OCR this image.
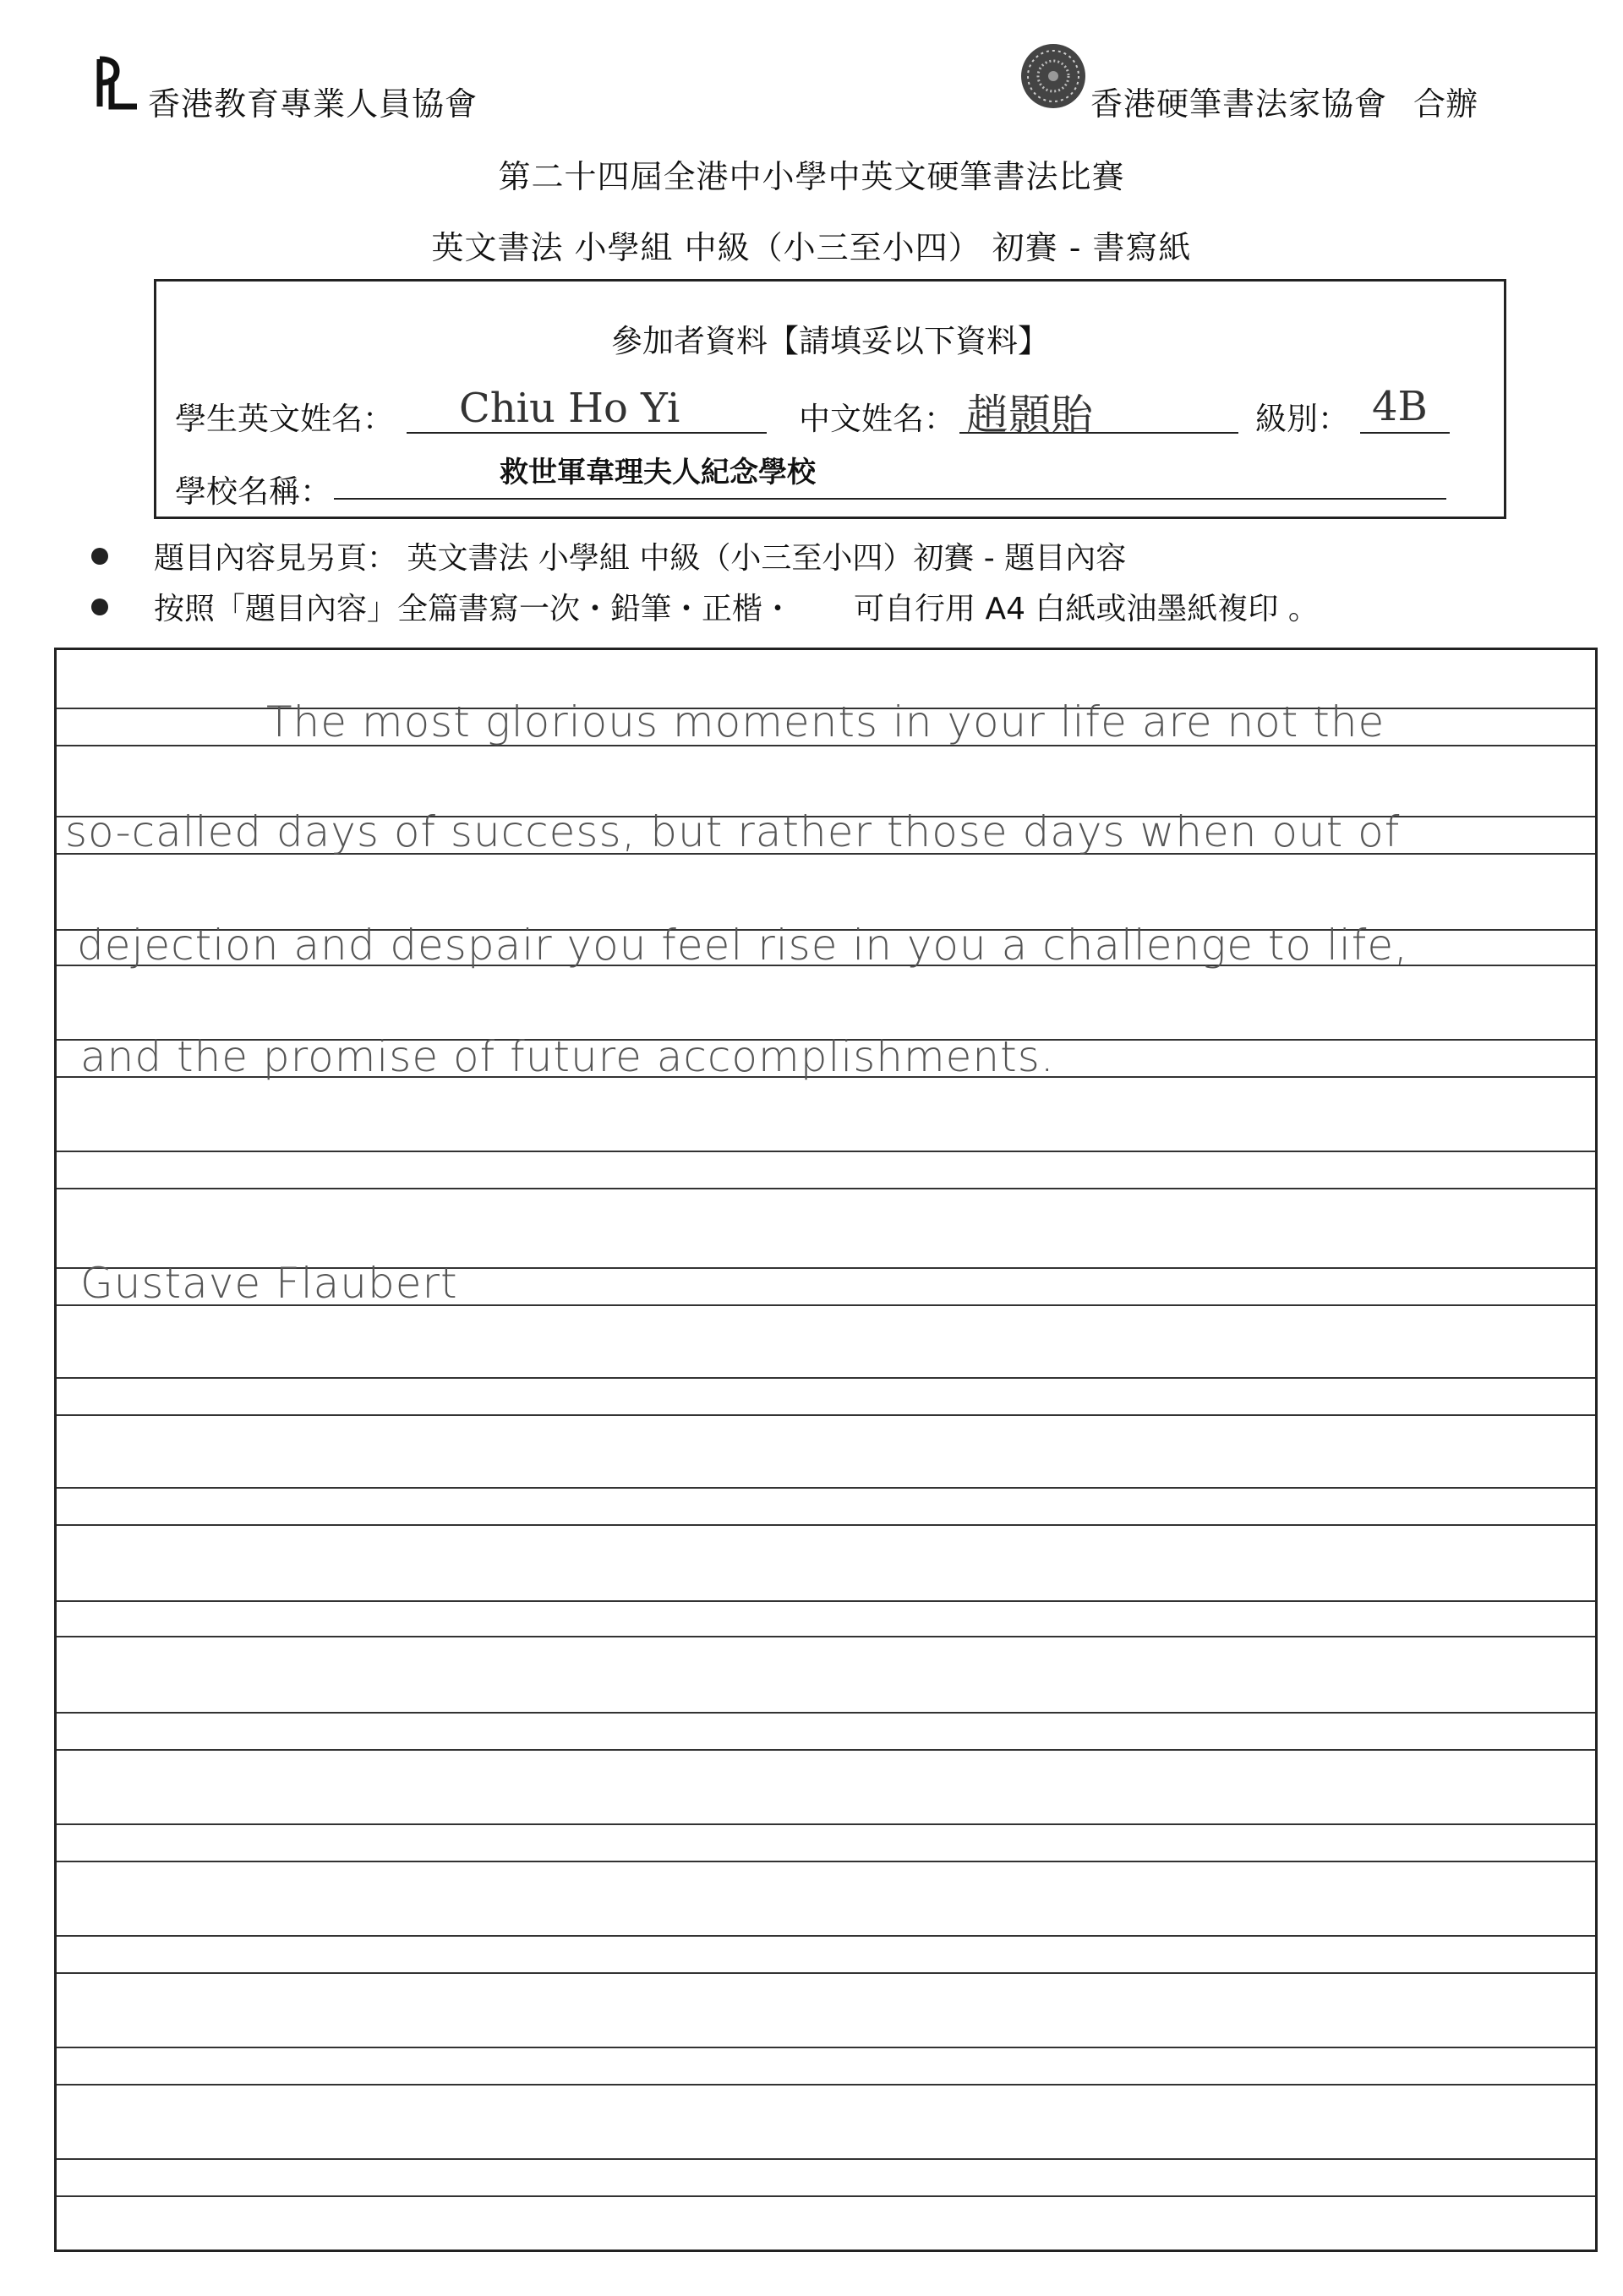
香港教育專業人員協會	香港硬筆書法家協會 合辦
第二十四屆全港中小學中英文硬筆書法比賽
英文書法 小學組 中級（小三至小四） 初賽 - 書寫紙
參加者資料【請填妥以下資料】
學生英文姓名： Chiu Ho Yi	中文姓名： 趙顥貽	級別： 4B
學校名稱：
救世軍韋理夫人紀念學校
題目內容見另頁： 英文書法 小學組 中級（小三至小四）初賽 - 題目內容
按照「題目內容」全篇書寫一次・鉛筆・正楷・　　可自行用 A4 白紙或油墨紙複印 。
The most glorious moments in your life are not the
so-called days of success, but rather those days when out of
dejection and despair you feel rise in you a challenge to life,
and the promise of future accomplishments.
Gustave Flaubert
